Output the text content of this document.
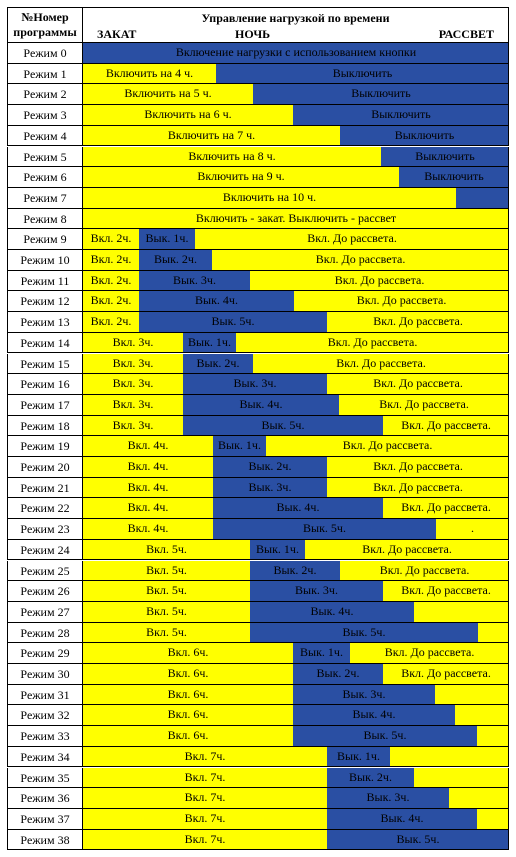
№Номер
программы
Управление нагрузкой по времени
ЗАКАТ	НОЧЬ	РАССВЕТ
Режим 0	Включение нагрузки с использованием кнопки
Режим 1	Включить на 4 ч.	Выключить
Режим 2	Включить на 5 ч.	Выключить
Режим 3	Включить на 6 ч.	Выключить
Режим 4	Включить на 7 ч.	Выключить
Режим 5	Включить на 8 ч.	Выключить
Режим 6	Включить на 9 ч.	Выключить
Режим 7	Включить на 10 ч.
Режим 8	Включить - закат. Выключить - рассвет
Режим 9	Вкл. 2ч.	Вык. 1ч.	Вкл. До рассвета.
Режим 10	Вкл. 2ч.	Вык. 2ч.	Вкл. До рассвета.
Режим 11	Вкл. 2ч.	Вык. 3ч.	Вкл. До рассвета.
Режим 12	Вкл. 2ч.	Вык. 4ч.	Вкл. До рассвета.
Режим 13	Вкл. 2ч.	Вык. 5ч.	Вкл. До рассвета.
Режим 14	Вкл. 3ч.	Вык. 1ч.	Вкл. До рассвета.
Режим 15	Вкл. 3ч.	Вык. 2ч.	Вкл. До рассвета.
Режим 16	Вкл. 3ч.	Вык. 3ч.	Вкл. До рассвета.
Режим 17	Вкл. 3ч.	Вык. 4ч.	Вкл. До рассвета.
Режим 18	Вкл. 3ч.	Вык. 5ч.	Вкл. До рассвета.
Режим 19	Вкл. 4ч.	Вык. 1ч.	Вкл. До рассвета.
Режим 20	Вкл. 4ч.	Вык. 2ч.	Вкл. До рассвета.
Режим 21	Вкл. 4ч.	Вык. 3ч.	Вкл. До рассвета.
Режим 22	Вкл. 4ч.	Вык. 4ч.	Вкл. До рассвета.
Режим 23	Вкл. 4ч.	Вык. 5ч.	.
Режим 24	Вкл. 5ч.	Вык. 1ч.	Вкл. До рассвета.
Режим 25	Вкл. 5ч.	Вык. 2ч.	Вкл. До рассвета.
Режим 26	Вкл. 5ч.	Вык. 3ч.	Вкл. До рассвета.
Режим 27	Вкл. 5ч.	Вык. 4ч.
Режим 28	Вкл. 5ч.	Вык. 5ч.
Режим 29	Вкл. 6ч.	Вык. 1ч.	Вкл. До рассвета.
Режим 30	Вкл. 6ч.	Вык. 2ч.	Вкл. До рассвета.
Режим 31	Вкл. 6ч.	Вык. 3ч.
Режим 32	Вкл. 6ч.	Вык. 4ч.
Режим 33	Вкл. 6ч.	Вык. 5ч.
Режим 34	Вкл. 7ч.	Вык. 1ч.
Режим 35	Вкл. 7ч.	Вык. 2ч.
Режим 36	Вкл. 7ч.	Вык. 3ч.
Режим 37	Вкл. 7ч.	Вык. 4ч.
Режим 38	Вкл. 7ч.	Вык. 5ч.
